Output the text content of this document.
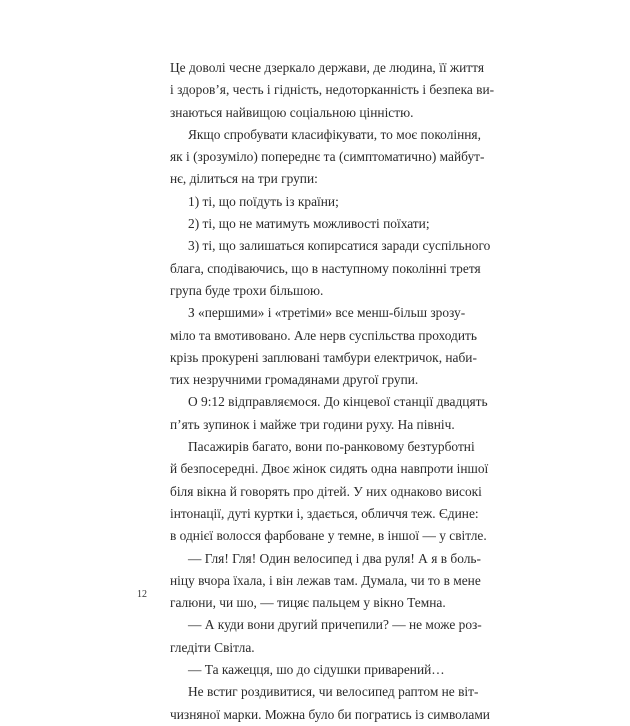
Це доволі чесне дзеркало держави, де людина, її життя
і здоров’я, честь і гідність, недоторканність і безпека ви-
знаються найвищою соціальною цінністю.
Якщо спробувати класифікувати, то моє покоління,
як і (зрозуміло) попереднє та (симптоматично) майбут-
нє, ділиться на три групи:
1) ті, що поїдуть із країни;
2) ті, що не матимуть можливості поїхати;
3) ті, що залишаться копирсатися заради суспільного
блага, сподіваючись, що в наступному поколінні третя
група буде трохи більшою.
З «першими» і «третіми» все менш-більш зрозу-
міло та вмотивовано. Але нерв суспільства проходить
крізь прокурені заплювані тамбури електричок, наби-
тих незручними громадянами другої групи.
О 9:12 відправляємося. До кінцевої станції двадцять
п’ять зупинок і майже три години руху. На північ.
Пасажирів багато, вони по-ранковому безтурботні
й безпосередні. Двоє жінок сидять одна навпроти іншої
біля вікна й говорять про дітей. У них однаково високі
інтонації, дуті куртки і, здається, обличчя теж. Єдине:
в однієї волосся фарбоване у темне, в іншої — у світле.
— Гля! Гля! Один велосипед і два руля! А я в боль-
ніцу вчора їхала, і він лежав там. Думала, чи то в мене
галюни, чи шо, — тицяє пальцем у вікно Темна.
— А куди вони другий причепили? — не може роз-
гледіти Світла.
— Та кажецця, шо до сідушки приварений…
Не встиг роздивитися, чи велосипед раптом не віт-
чизняної марки. Можна було би погратись із символами
12
